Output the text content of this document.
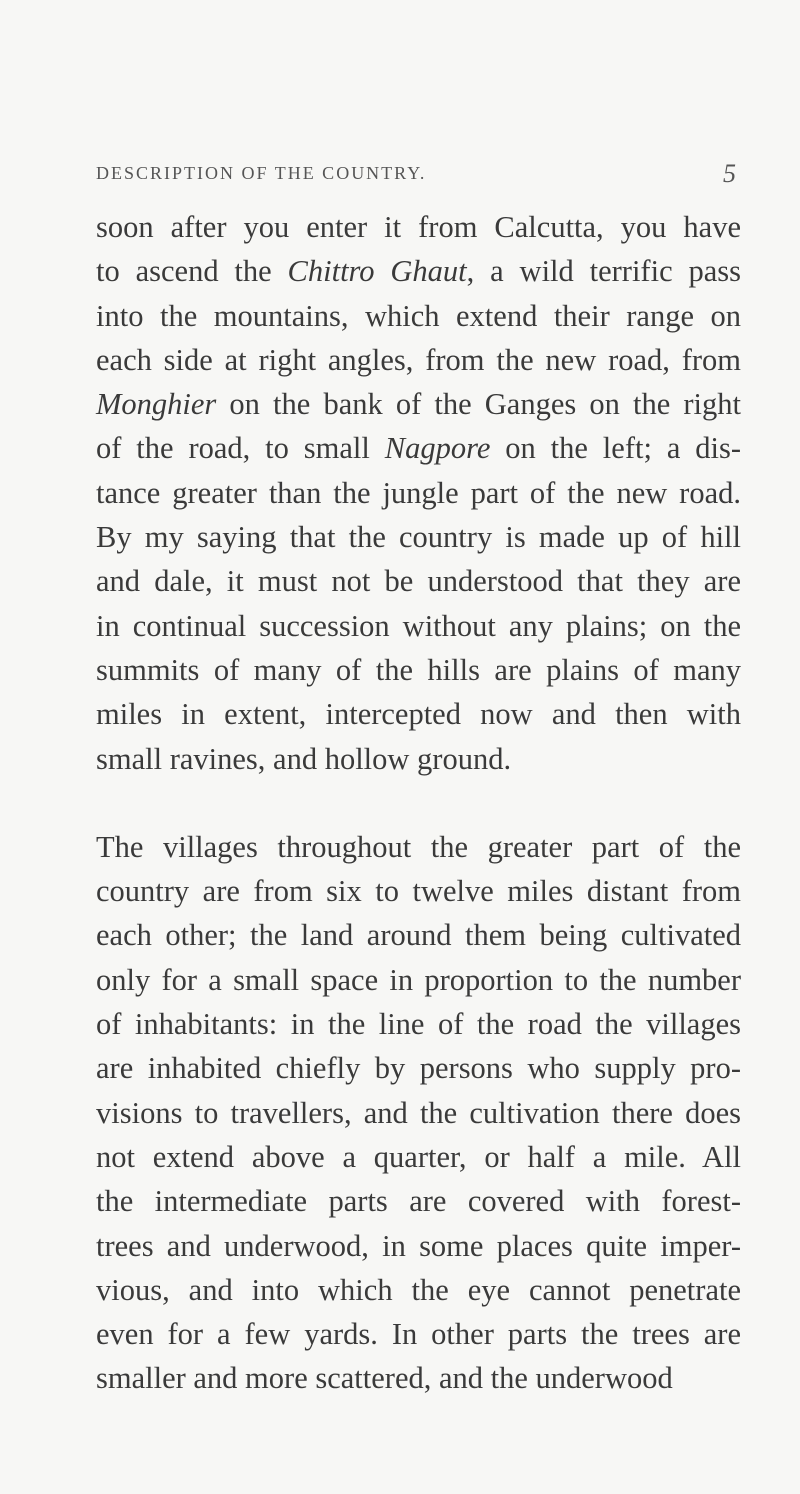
DESCRIPTION OF THE COUNTRY.	5
soon after you enter it from Calcutta, you have
to ascend the Chittro Ghaut, a wild terrific pass
into the mountains, which extend their range on
each side at right angles, from the new road, from
Monghier on the bank of the Ganges on the right
of the road, to small Nagpore on the left; a dis-
tance greater than the jungle part of the new road.
By my saying that the country is made up of hill
and dale, it must not be understood that they are
in continual succession without any plains; on the
summits of many of the hills are plains of many
miles in extent, intercepted now and then with
small ravines, and hollow ground.
The villages throughout the greater part of the
country are from six to twelve miles distant from
each other; the land around them being cultivated
only for a small space in proportion to the number
of inhabitants: in the line of the road the villages
are inhabited chiefly by persons who supply pro-
visions to travellers, and the cultivation there does
not extend above a quarter, or half a mile. All
the intermediate parts are covered with forest-
trees and underwood, in some places quite imper-
vious, and into which the eye cannot penetrate
even for a few yards. In other parts the trees are
smaller and more scattered, and the underwood
